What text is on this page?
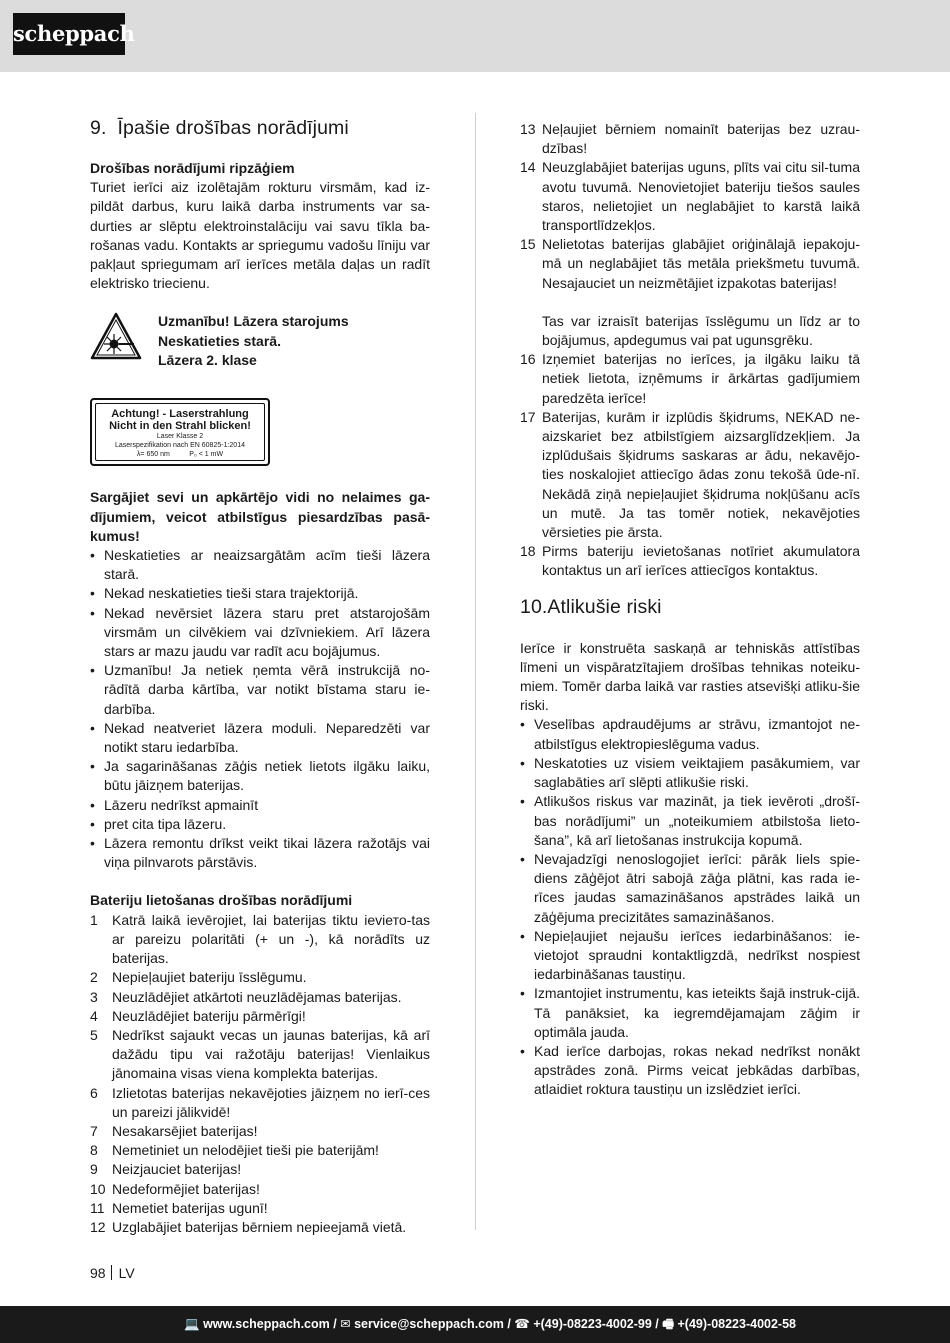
scheppach
9. Īpašie drošības norādījumi
Drošības norādījumi ripzāģiem

Turiet ierīci aiz izolētajām rokturu virsmām, kad iz-pildāt darbus, kuru laikā darba instruments var sa-durties ar slēptu elektroinstalāciju vai savu tīkla ba-rošanas vadu. Kontakts ar spriegumu vadošu līniju var pakļaut spriegumam arī ierīces metāla daļas un radīt elektrisko triecienu.

Uzmanību! Lāzera starojums
Neskatieties starā.
Lāzera 2. klase
Achtung! - Laserstrahlung
Nicht in den Strahl blicken!
Laser Klasse 2
Laserspezifikation nach EN 60825-1:2014
λ= 650 nm          P₀ < 1 mW

Sargājiet sevi un apkārtējo vidi no nelaimes ga-dījumiem, veicot atbilstīgus piesardzības pasā-kumus!

• Neskatieties ar neaizsargātām acīm tieši lāzera starā.
• Nekad neskatieties tieši stara trajektorijā.
• Nekad nevērsiet lāzera staru pret atstarojošām virsmām un cilvēkiem vai dzīvniekiem. Arī lāzera stars ar mazu jaudu var radīt acu bojājumus.
• Uzmanību! Ja netiek ņemta vērā instrukcijā no-rādītā darba kārtība, var notikt bīstama staru ie-darbība.
• Nekad neatveriet lāzera moduli. Neparedzēti var notikt staru iedarbība.
• Ja sagarināšanas zāģis netiek lietots ilgāku laiku, būtu jāizņem baterijas.
• Lāzeru nedrīkst apmainīt
• pret cita tipa lāzeru.
• Lāzera remontu drīkst veikt tikai lāzera ražotājs vai viņa pilnvarots pārstāvis.
Bateriju lietošanas drošības norādījumi
1 Katrā laikā ievērojiet, lai baterijas tiktu ieviето-tas ar pareizu polaritāti (+ un -), kā norādīts uz baterijas.
2 Nepieļaujiet bateriju īsslēgumu.
3 Neuzlādējiet atkārtoti neuzlādējamas baterijas.
4 Neuzlādējiet bateriju pārmērīgi!
5 Nedrīkst sajaukt vecas un jaunas baterijas, kā arī dažādu tipu vai ražotāju baterijas! Vienlaikus jānomaina visas viena komplekta baterijas.
6 Izlietotas baterijas nekavējoties jāizņem no ierī-ces un pareizi jālikvidē!
7 Nesakarsējiet baterijas!
8 Nemetiniet un nelodējiet tieši pie baterijām!
9 Neizjauciet baterijas!
10 Nedeformējiet baterijas!
11 Nemetiet baterijas ugunī!
12 Uzglabājiet baterijas bērniem nepieejamā vietā.
13 Neļaujiet bērniem nomainīt baterijas bez uzrau-dzības!
14 Neuzglabājiet baterijas uguns, plīts vai citu sil-tuma avotu tuvumā. Nenovietojiet bateriju tiešos saules staros, nelietojiet un neglabājiet to karstā laikā transportlīdzekļos.
15 Nelietotas baterijas glabājiet oriģinālajā iepakoju-mā un neglabājiet tās metāla priekšmetu tuvumā. Nesajauciet un neizmētājiet izpakotas baterijas!

Tas var izraisīt baterijas īsslēgumu un līdz ar to bojājumus, apdegumus vai pat ugunsgrēku.

16 Izņemiet baterijas no ierīces, ja ilgāku laiku tā netiek lietota, izņēmums ir ārkārtas gadījumiem paredzēta ierīce!
17 Baterijas, kurām ir izplūdis šķidrums, NEKAD ne-aizskariet bez atbilstīgiem aizsarglīdzekļiem. Ja izplūdušais šķidrums saskaras ar ādu, nekavējo-ties noskalojiet attiecīgo ādas zonu tekošā ūde-nī. Nekādā ziņā nepieļaujiet šķidruma nokļūšanu acīs un mutē. Ja tas tomēr notiek, nekavējoties vērsieties pie ārsta.
18 Pirms bateriju ievietošanas notīriet akumulatora kontaktus un arī ierīces attiecīgos kontaktus.
10.Atlikušie riski

Ierīce ir konstruēta saskaņā ar tehniskās attīstības līmeni un vispāratzītajiem drošības tehnikas noteiku-miem. Tomēr darba laikā var rasties atsevišķi atliku-šie riski.

• Veselības apdraudējums ar strāvu, izmantojot ne-atbilstīgus elektropieslēguma vadus.
• Neskatoties uz visiem veiktajiem pasākumiem, var saglabāties arī slēpti atlikušie riski.
• Atlikušos riskus var mazināt, ja tiek ievēroti „drošī-bas norādījumi” un „noteikumiem atbilstoša lieto-šana”, kā arī lietošanas instrukcija kopumā.
• Nevajadzīgi nenoslogojiet ierīci: pārāk liels spie-diens zāģējot ātri sabojā zāģa plātni, kas rada ie-rīces jaudas samazināšanos apstrādes laikā un zāģējuma precizitātes samazināšanos.
• Nepieļaujiet nejaušu ierīces iedarbināšanos: ie-vietojot spraudni kontaktligzdā, nedrīkst nospiest iedarbināšanas taustiņu.
• Izmantojiet instrumentu, kas ieteikts šajā instruk-cijā. Tā panāksiet, ka iegremdējamajam zāģim ir optimāla jauda.
• Kad ierīce darbojas, rokas nekad nedrīkst nonākt apstrādes zonā. Pirms veicat jebkādas darbības, atlaidiet roktura taustiņu un izslēdziet ierīci.
98 LV
💻 www.scheppach.com / ✉ service@scheppach.com / ☎ +(49)-08223-4002-99 / 🖷 +(49)-08223-4002-58
